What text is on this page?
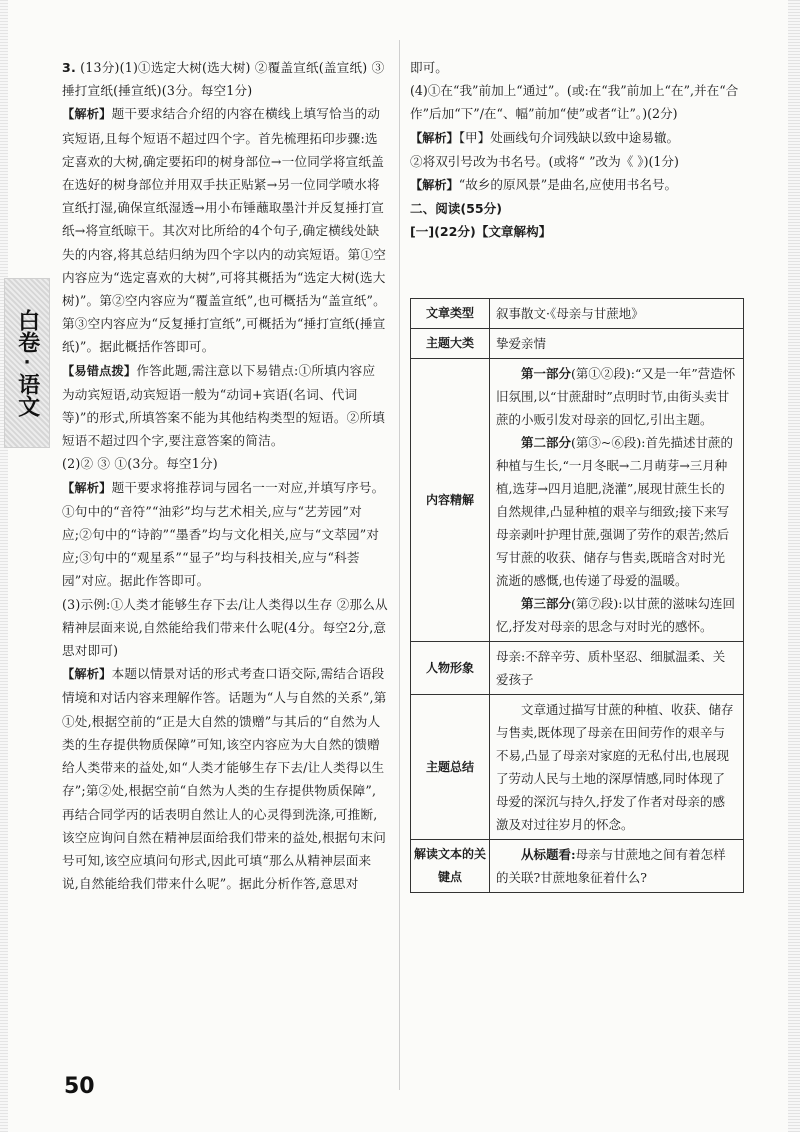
白卷
·
语文

3. (13分)(1)①选定大树(选大树) ②覆盖宣纸(盖宣纸) ③捶打宣纸(捶宣纸)(3分。每空1分)

【解析】题干要求结合介绍的内容在横线上填写恰当的动宾短语,且每个短语不超过四个字。首先梳理拓印步骤:选定喜欢的大树,确定要拓印的树身部位→一位同学将宣纸盖在选好的树身部位并用双手扶正贴紧→另一位同学喷水将宣纸打湿,确保宣纸湿透→用小布锤蘸取墨汁并反复捶打宣纸→将宣纸晾干。其次对比所给的4个句子,确定横线处缺失的内容,将其总结归纳为四个字以内的动宾短语。第①空内容应为“选定喜欢的大树”,可将其概括为“选定大树(选大树)”。第②空内容应为“覆盖宣纸”,也可概括为“盖宣纸”。第③空内容应为“反复捶打宣纸”,可概括为“捶打宣纸(捶宣纸)”。据此概括作答即可。

【易错点拨】作答此题,需注意以下易错点:①所填内容应为动宾短语,动宾短语一般为“动词+宾语(名词、代词等)”的形式,所填答案不能为其他结构类型的短语。②所填短语不超过四个字,要注意答案的简洁。

(2)② ③ ①(3分。每空1分)

【解析】题干要求将推荐词与园名一一对应,并填写序号。①句中的“音符”“油彩”均与艺术相关,应与“艺芳园”对应;②句中的“诗韵”“墨香”均与文化相关,应与“文萃园”对应;③句中的“观星系”“显子”均与科技相关,应与“科荟园”对应。据此作答即可。

(3)示例:①人类才能够生存下去/让人类得以生存 ②那么从精神层面来说,自然能给我们带来什么呢(4分。每空2分,意思对即可)

【解析】本题以情景对话的形式考查口语交际,需结合语段情境和对话内容来理解作答。话题为“人与自然的关系”,第①处,根据空前的“正是大自然的馈赠”与其后的“自然为人类的生存提供物质保障”可知,该空内容应为大自然的馈赠给人类带来的益处,如“人类才能够生存下去/让人类得以生存”;第②处,根据空前“自然为人类的生存提供物质保障”,再结合同学丙的话表明自然让人的心灵得到洗涤,可推断,该空应询问自然在精神层面给我们带来的益处,根据句末问号可知,该空应填问句形式,因此可填“那么从精神层面来说,自然能给我们带来什么呢”。据此分析作答,意思对

即可。

(4)①在“我”前加上“通过”。(或:在“我”前加上“在”,并在“合作”后加“下”/在“、幅”前加“使”或者“让”。)(2分)

【解析】【甲】处画线句介词残缺以致中途易辙。

②将双引号改为书名号。(或将“ ”改为《 》)(1分)

【解析】“故乡的原风景”是曲名,应使用书名号。

二、阅读(55分)

[一](22分)【文章解构】

文章类型	叙事散文·《母亲与甘蔗地》
主题大类	挚爱亲情
内容精解	第一部分(第①②段):“又是一年”营造怀旧氛围,以“甘蔗甜时”点明时节,由街头卖甘蔗的小贩引发对母亲的回忆,引出主题。

第二部分(第③~⑥段):首先描述甘蔗的种植与生长,“一月冬眠→二月萌芽→三月种植,选芽→四月追肥,浇灌”,展现甘蔗生长的自然规律,凸显种植的艰辛与细致;接下来写母亲剥叶护理甘蔗,强调了劳作的艰苦;然后写甘蔗的收获、储存与售卖,既暗含对时光流逝的感慨,也传递了母爱的温暖。

第三部分(第⑦段):以甘蔗的滋味勾连回忆,抒发对母亲的思念与对时光的感怀。

人物形象	母亲:不辞辛劳、质朴坚忍、细腻温柔、关爱孩子
主题总结	文章通过描写甘蔗的种植、收获、储存与售卖,既体现了母亲在田间劳作的艰辛与不易,凸显了母亲对家庭的无私付出,也展现了劳动人民与土地的深厚情感,同时体现了母爱的深沉与持久,抒发了作者对母亲的感激及对过往岁月的怀念。

解读文本的关键点	从标题看:母亲与甘蔗地之间有着怎样的关联?甘蔗地象征着什么?

50
